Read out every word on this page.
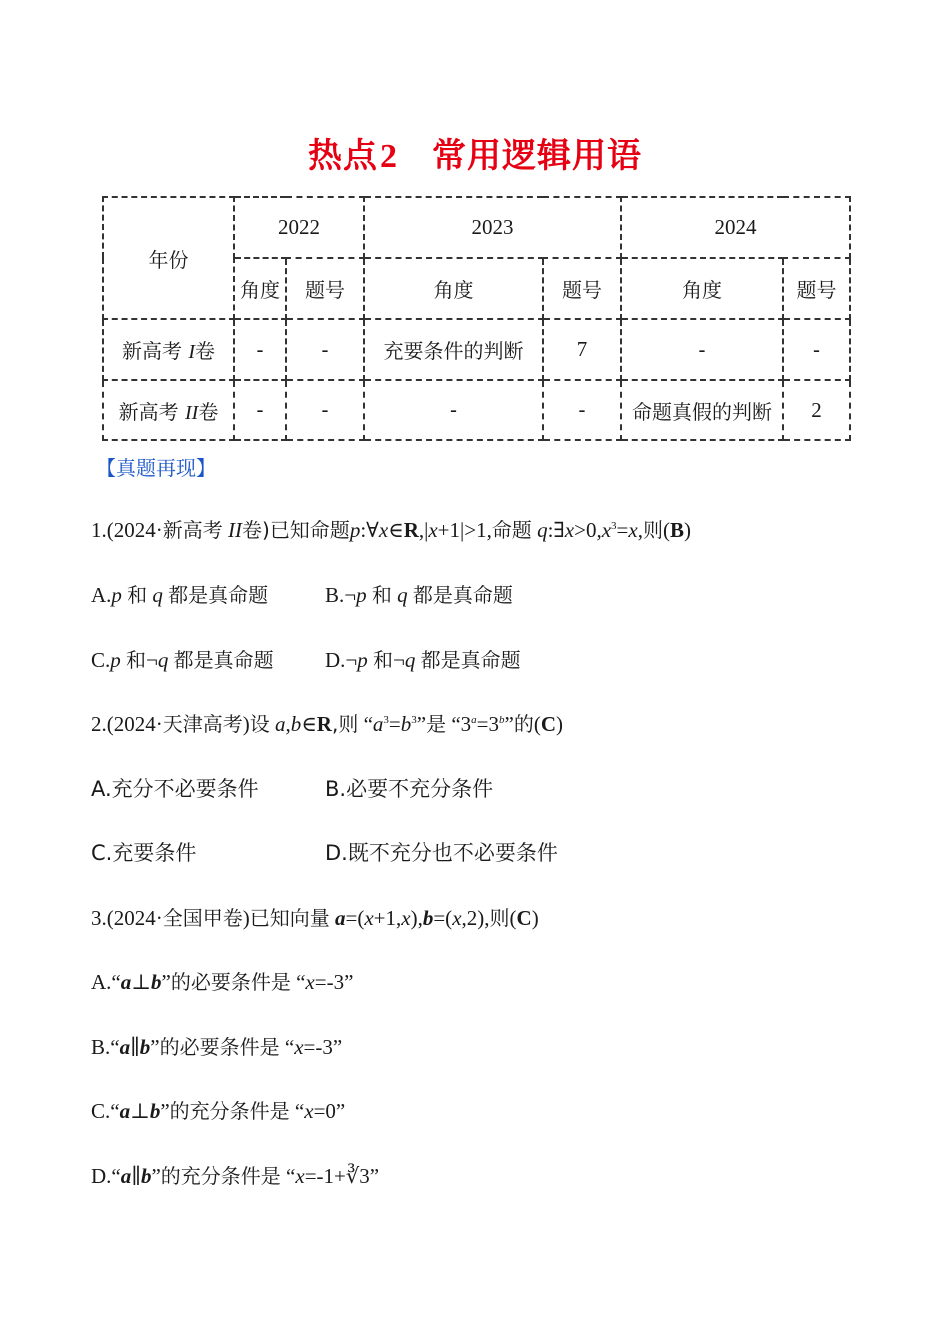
热点2 常用逻辑用语
年份	2022		2023		2024	
	角度	题号	角度	题号	角度	题号
新高考 I卷	-	-	充要条件的判断	7	-	-
新高考 II卷	-	-	-	-	命题真假的判断	2
【真题再现】
1.(2024·新高考 II卷)已知命题p:∀x∈R,|x+1|>1,命题 $q:\exists x>0,x^3=x$,则(B)
A.p 和 q 都是真命题	B.¬p 和 q 都是真命题
C.p 和¬q 都是真命题 D.¬p 和¬q 都是真命题
2.(2024·天津高考)设 a,b∈R,则 “$a^3=b^3$”是 “$3^a=3^b$”的(C)
A.充分不必要条件	B.必要不充分条件
C.充要条件	D.既不充分也不必要条件
3.(2024·全国甲卷)已知向量 a=(x+1,x),b=(x,2),则(C)
A.“a⊥b”的必要条件是 “x=-3”
B.“a∥b”的必要条件是 “x=-3”
C.“a⊥b”的充分条件是 “x=0”
D.“a∥b”的充分条件是 “x=-1+∛3”
